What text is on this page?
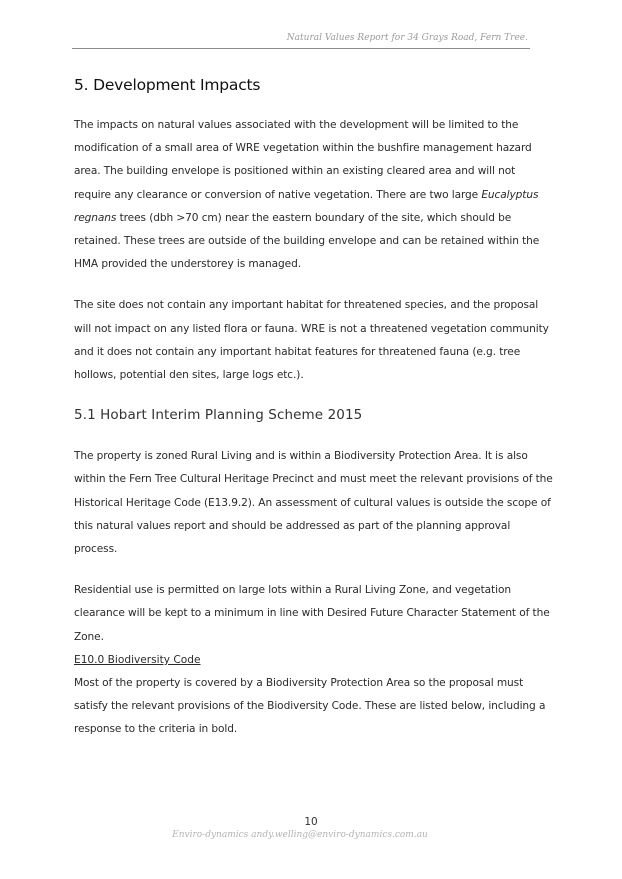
Natural Values Report for 34 Grays Road, Fern Tree.
5. Development Impacts

The impacts on natural values associated with the development will be limited to the modification of a small area of WRE vegetation within the bushfire management hazard area. The building envelope is positioned within an existing cleared area and will not require any clearance or conversion of native vegetation. There are two large Eucalyptus regnans trees (dbh >70 cm) near the eastern boundary of the site, which should be retained. These trees are outside of the building envelope and can be retained within the HMA provided the understorey is managed.

The site does not contain any important habitat for threatened species, and the proposal will not impact on any listed flora or fauna. WRE is not a threatened vegetation community and it does not contain any important habitat features for threatened fauna (e.g. tree hollows, potential den sites, large logs etc.).

5.1 Hobart Interim Planning Scheme 2015

The property is zoned Rural Living and is within a Biodiversity Protection Area. It is also within the Fern Tree Cultural Heritage Precinct and must meet the relevant provisions of the Historical Heritage Code (E13.9.2). An assessment of cultural values is outside the scope of this natural values report and should be addressed as part of the planning approval process.

Residential use is permitted on large lots within a Rural Living Zone, and vegetation clearance will be kept to a minimum in line with Desired Future Character Statement of the Zone.

E10.0 Biodiversity Code

Most of the property is covered by a Biodiversity Protection Area so the proposal must satisfy the relevant provisions of the Biodiversity Code. These are listed below, including a response to the criteria in bold.

10
Enviro-dynamics andy.welling@enviro-dynamics.com.au
